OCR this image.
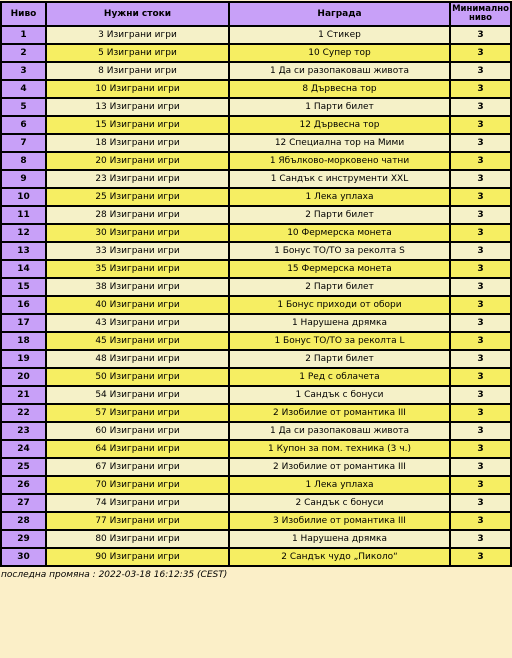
Ниво	Нужни стоки	Награда	Минимално ниво
1	3 Изиграни игри	1 Стикер	3
2	5 Изиграни игри	10 Супер тор	3
3	8 Изиграни игри	1 Да си разопаковаш живота	3
4	10 Изиграни игри	8 Дървесна тор	3
5	13 Изиграни игри	1 Парти билет	3
6	15 Изиграни игри	12 Дървесна тор	3
7	18 Изиграни игри	12 Специална тор на Мими	3
8	20 Изиграни игри	1 Ябълково-морковено чатни	3
9	23 Изиграни игри	1 Сандък с инструменти XXL	3
10	25 Изиграни игри	1 Лека уплаха	3
11	28 Изиграни игри	2 Парти билет	3
12	30 Изиграни игри	10 Фермерска монета	3
13	33 Изиграни игри	1 Бонус ТО/ТО за реколта S	3
14	35 Изиграни игри	15 Фермерска монета	3
15	38 Изиграни игри	2 Парти билет	3
16	40 Изиграни игри	1 Бонус приходи от обори	3
17	43 Изиграни игри	1 Нарушена дрямка	3
18	45 Изиграни игри	1 Бонус ТО/ТО за реколта L	3
19	48 Изиграни игри	2 Парти билет	3
20	50 Изиграни игри	1 Ред с облачета	3
21	54 Изиграни игри	1 Сандък с бонуси	3
22	57 Изиграни игри	2 Изобилие от романтика III	3
23	60 Изиграни игри	1 Да си разопаковаш живота	3
24	64 Изиграни игри	1 Купон за пом. техника (3 ч.)	3
25	67 Изиграни игри	2 Изобилие от романтика III	3
26	70 Изиграни игри	1 Лека уплаха	3
27	74 Изиграни игри	2 Сандък с бонуси	3
28	77 Изиграни игри	3 Изобилие от романтика III	3
29	80 Изиграни игри	1 Нарушена дрямка	3
30	90 Изиграни игри	2 Сандък чудо „Пиколо“	3
последна промяна : 2022-03-18 16:12:35 (CEST)
